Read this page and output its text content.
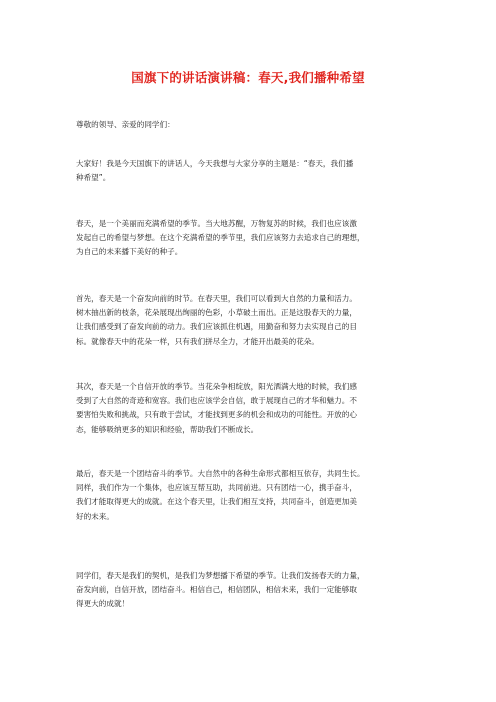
国旗下的讲话演讲稿：春天,我们播种希望

尊敬的领导、亲爱的同学们：

大家好！我是今天国旗下的讲话人，今天我想与大家分享的主题是：“春天，我们播
种希望”。

春天，是一个美丽而充满希望的季节。当大地苏醒，万物复苏的时候，我们也应该激
发起自己的希望与梦想。在这个充满希望的季节里，我们应该努力去追求自己的理想，
为自己的未来播下美好的种子。

首先，春天是一个奋发向前的时节。在春天里，我们可以看到大自然的力量和活力。
树木抽出新的枝条，花朵展现出绚丽的色彩，小草破土而出。正是这股春天的力量，
让我们感受到了奋发向前的动力。我们应该抓住机遇，用勤奋和努力去实现自己的目
标。就像春天中的花朵一样，只有我们拼尽全力，才能开出最美的花朵。

其次，春天是一个自信开放的季节。当花朵争相绽放，阳光洒满大地的时候，我们感
受到了大自然的奇迹和宽容。我们也应该学会自信，敢于展现自己的才华和魅力。不
要害怕失败和挑战，只有敢于尝试，才能找到更多的机会和成功的可能性。开放的心
态，能够吸纳更多的知识和经验，帮助我们不断成长。

最后，春天是一个团结奋斗的季节。大自然中的各种生命形式都相互依存，共同生长。
同样，我们作为一个集体，也应该互帮互助，共同前进。只有团结一心，携手奋斗，
我们才能取得更大的成就。在这个春天里，让我们相互支持，共同奋斗，创造更加美
好的未来。

同学们，春天是我们的契机，是我们为梦想播下希望的季节。让我们发扬春天的力量，
奋发向前，自信开放，团结奋斗。相信自己，相信团队，相信未来，我们一定能够取
得更大的成就！
